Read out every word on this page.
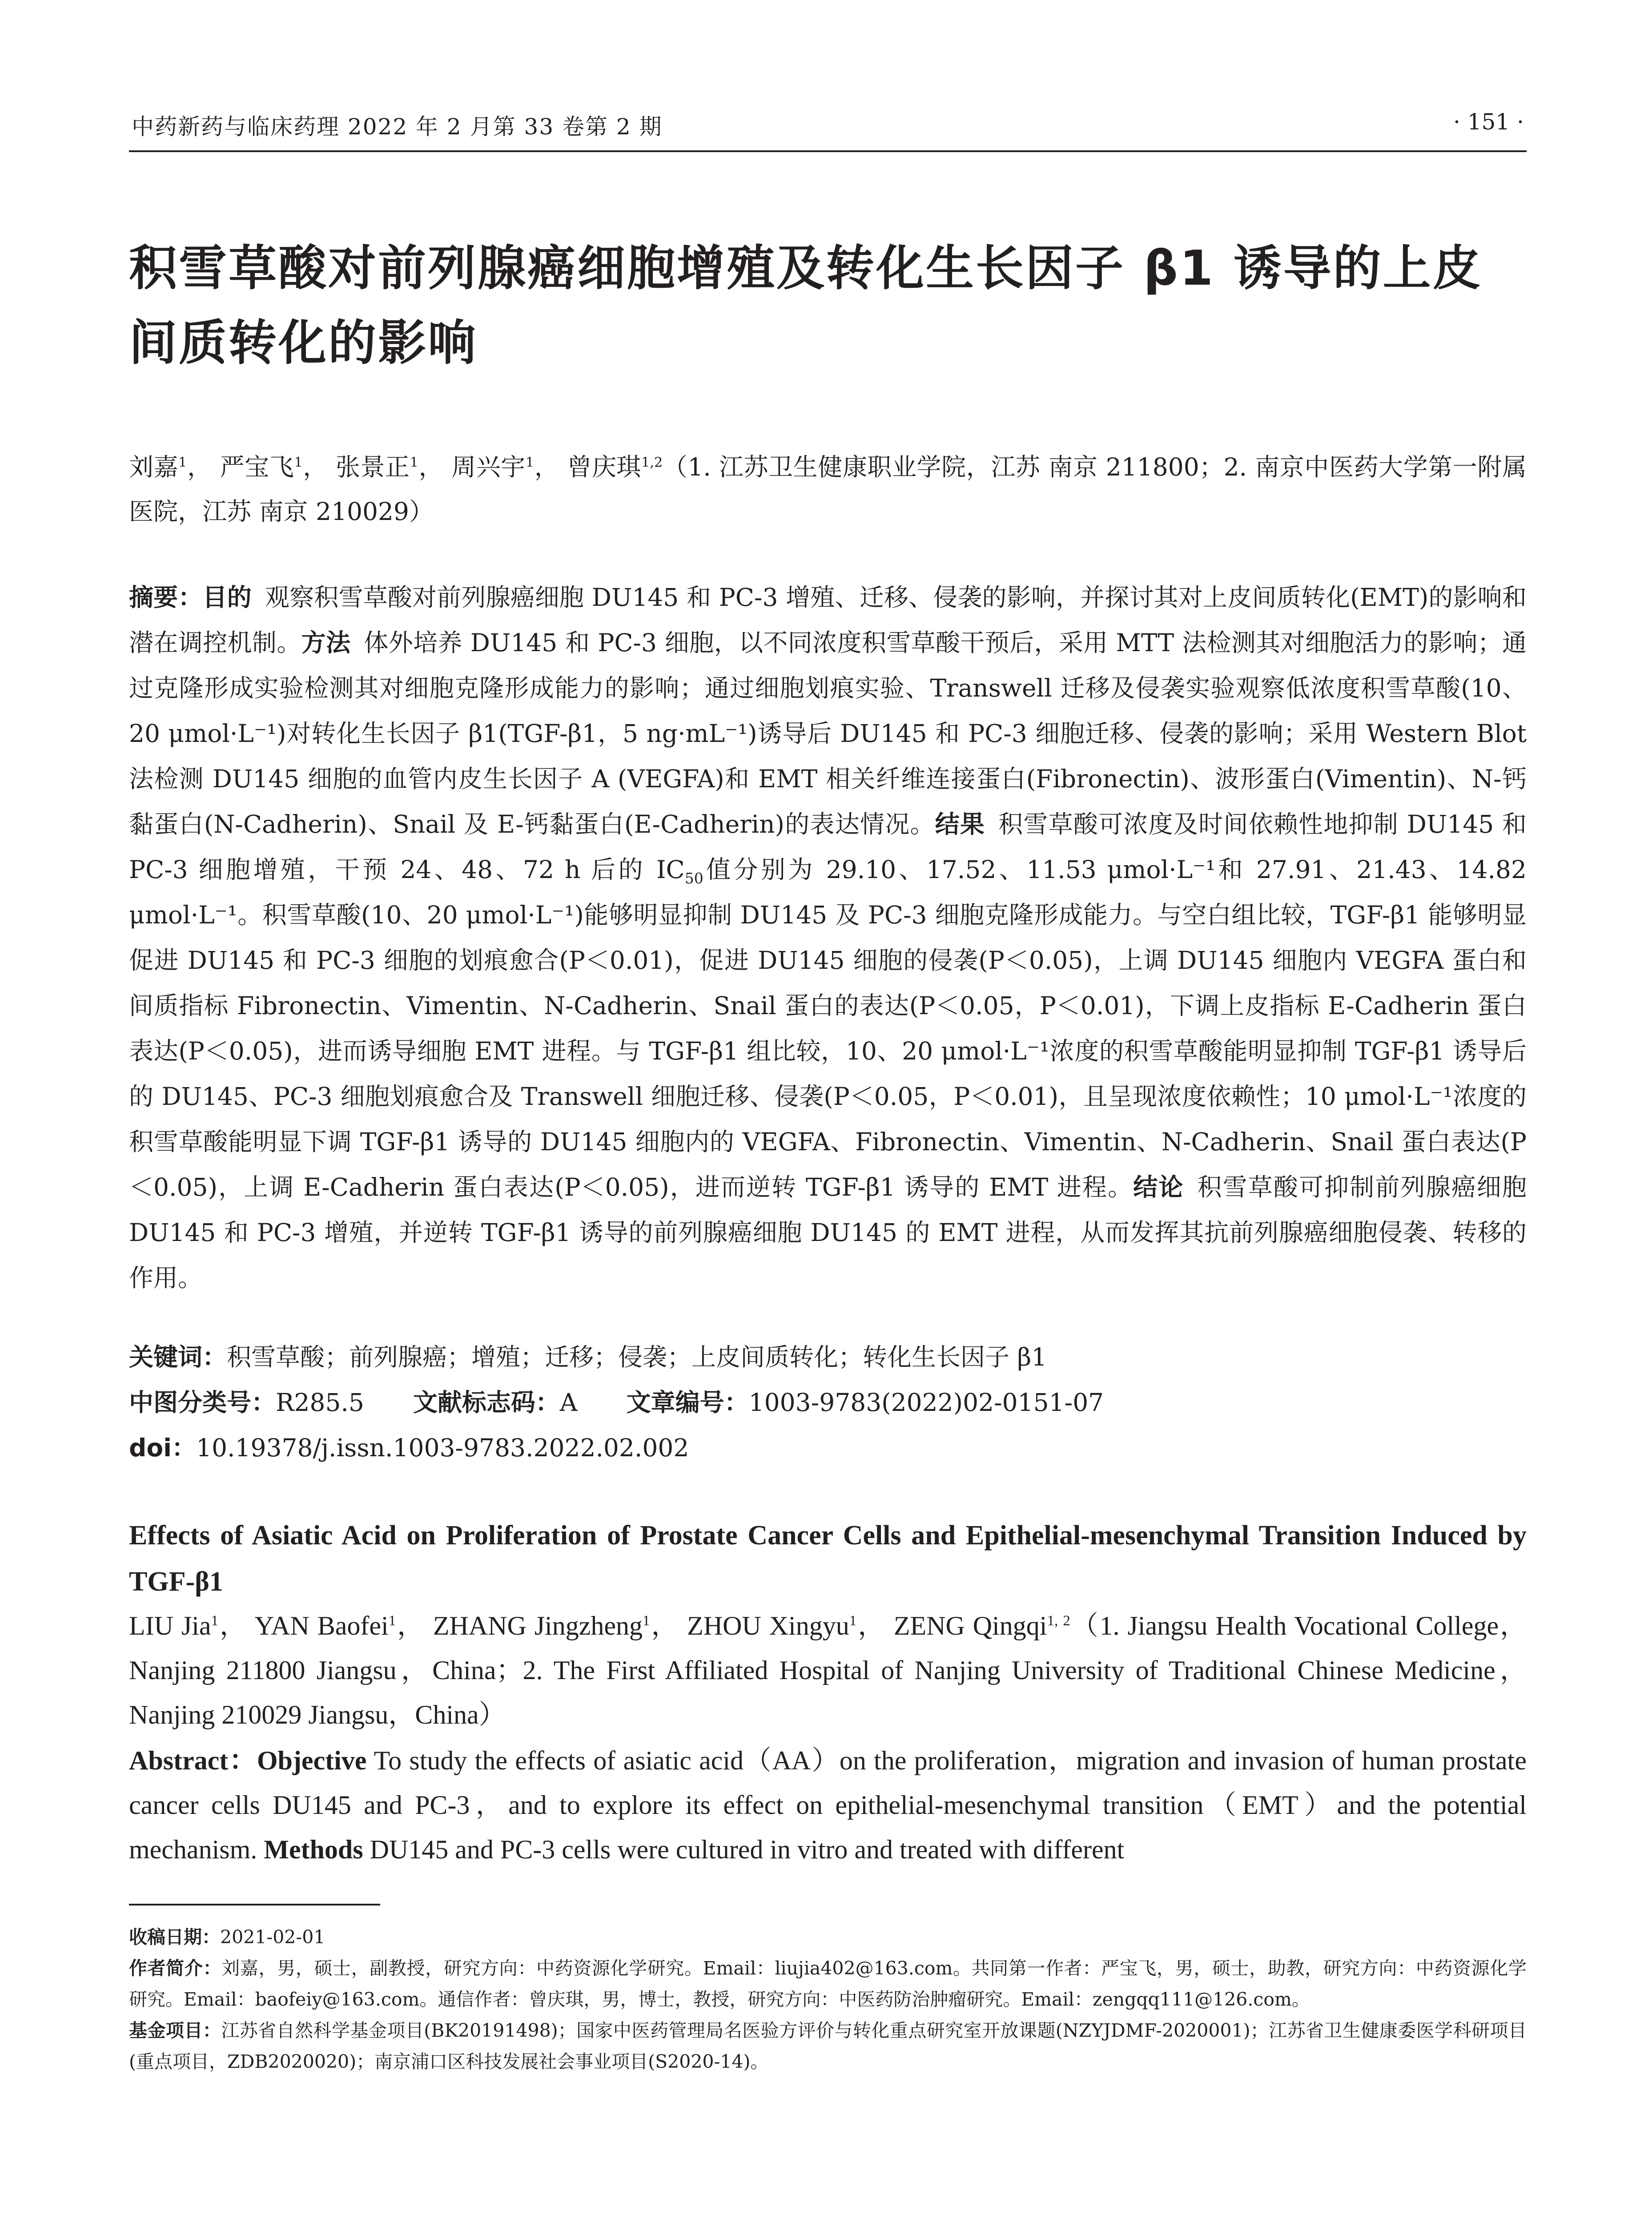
中药新药与临床药理 2022 年 2 月第 33 卷第 2 期	· 151 ·
积雪草酸对前列腺癌细胞增殖及转化生长因子 β1 诱导的上皮间质转化的影响
刘嘉$^1$， 严宝飞$^1$， 张景正$^1$， 周兴宇$^1$， 曾庆琪$^{1,2}$（1. 江苏卫生健康职业学院，江苏 南京 211800；2. 南京中医药大学第一附属医院，江苏 南京 210029）
摘要：目的 观察积雪草酸对前列腺癌细胞 DU145 和 PC-3 增殖、迁移、侵袭的影响，并探讨其对上皮间质转化(EMT)的影响和潜在调控机制。方法 体外培养 DU145 和 PC-3 细胞，以不同浓度积雪草酸干预后，采用 MTT 法检测其对细胞活力的影响；通过克隆形成实验检测其对细胞克隆形成能力的影响；通过细胞划痕实验、Transwell 迁移及侵袭实验观察低浓度积雪草酸(10、20 μmol·L⁻¹)对转化生长因子 β1(TGF-β1，5 ng·mL⁻¹)诱导后 DU145 和 PC-3 细胞迁移、侵袭的影响；采用 Western Blot 法检测 DU145 细胞的血管内皮生长因子 A (VEGFA)和 EMT 相关纤维连接蛋白(Fibronectin)、波形蛋白(Vimentin)、N-钙黏蛋白(N-Cadherin)、Snail 及 E-钙黏蛋白(E-Cadherin)的表达情况。结果 积雪草酸可浓度及时间依赖性地抑制 DU145 和 PC-3 细胞增殖，干预 24、48、72 h 后的 $IC_{50}$值分别为 29.10、17.52、11.53 μmol·L⁻¹和 27.91、21.43、14.82 μmol·L⁻¹。积雪草酸(10、20 μmol·L⁻¹)能够明显抑制 DU145 及 PC-3 细胞克隆形成能力。与空白组比较，TGF-β1 能够明显促进 DU145 和 PC-3 细胞的划痕愈合(P＜0.01)，促进 DU145 细胞的侵袭(P＜0.05)，上调 DU145 细胞内 VEGFA 蛋白和间质指标 Fibronectin、Vimentin、N-Cadherin、Snail 蛋白的表达(P＜0.05，P＜0.01)，下调上皮指标 E-Cadherin 蛋白表达(P＜0.05)，进而诱导细胞 EMT 进程。与 TGF-β1 组比较，10、20 μmol·L⁻¹浓度的积雪草酸能明显抑制 TGF-β1 诱导后的 DU145、PC-3 细胞划痕愈合及 Transwell 细胞迁移、侵袭(P＜0.05，P＜0.01)，且呈现浓度依赖性；10 μmol·L⁻¹浓度的积雪草酸能明显下调 TGF-β1 诱导的 DU145 细胞内的 VEGFA、Fibronectin、Vimentin、N-Cadherin、Snail 蛋白表达(P＜0.05)，上调 E-Cadherin 蛋白表达(P＜0.05)，进而逆转 TGF-β1 诱导的 EMT 进程。结论 积雪草酸可抑制前列腺癌细胞 DU145 和 PC-3 增殖，并逆转 TGF-β1 诱导的前列腺癌细胞 DU145 的 EMT 进程，从而发挥其抗前列腺癌细胞侵袭、转移的作用。
关键词：积雪草酸；前列腺癌；增殖；迁移；侵袭；上皮间质转化；转化生长因子 β1
中图分类号：R285.5 文献标志码：A 文章编号：1003-9783(2022)02-0151-07
doi：10.19378/j.issn.1003-9783.2022.02.002
Effects of Asiatic Acid on Proliferation of Prostate Cancer Cells and Epithelial-mesenchymal Transition Induced by TGF-β1
LIU Jia$^1$， YAN Baofei$^1$， ZHANG Jingzheng$^1$， ZHOU Xingyu$^1$， ZENG Qingqi$^{1, 2}$（1. Jiangsu Health Vocational College，Nanjing 211800 Jiangsu，China；2. The First Affiliated Hospital of Nanjing University of Traditional Chinese Medicine，Nanjing 210029 Jiangsu，China）
Abstract：Objective To study the effects of asiatic acid（AA）on the proliferation，migration and invasion of human prostate cancer cells DU145 and PC-3，and to explore its effect on epithelial-mesenchymal transition（EMT）and the potential mechanism. Methods DU145 and PC-3 cells were cultured in vitro and treated with different

收稿日期：2021-02-01

作者简介：刘嘉，男，硕士，副教授，研究方向：中药资源化学研究。Email：liujia402@163.com。共同第一作者：严宝飞，男，硕士，助教，研究方向：中药资源化学研究。Email：baofeiy@163.com。通信作者：曾庆琪，男，博士，教授，研究方向：中医药防治肿瘤研究。Email：zengqq111@126.com。

基金项目：江苏省自然科学基金项目(BK20191498)；国家中医药管理局名医验方评价与转化重点研究室开放课题(NZYJDMF-2020001)；江苏省卫生健康委医学科研项目(重点项目，ZDB2020020)；南京浦口区科技发展社会事业项目(S2020-14)。
